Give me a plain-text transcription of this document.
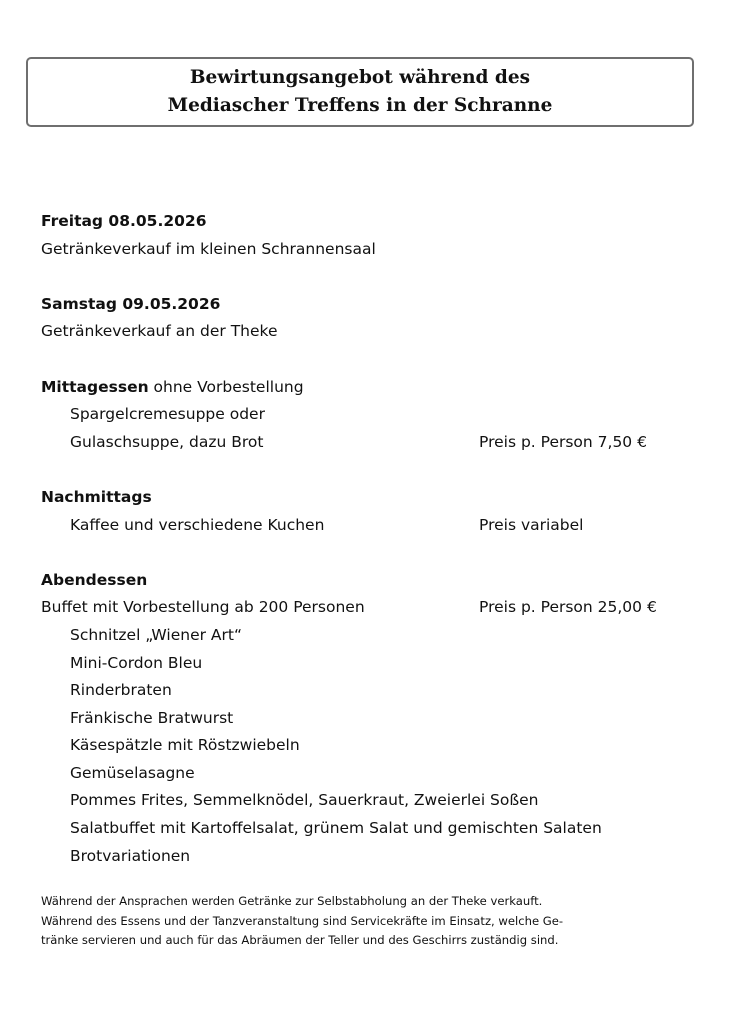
Bewirtungsangebot während des
Mediascher Treffens in der Schranne
Freitag 08.05.2026
Getränkeverkauf im kleinen Schrannensaal
Samstag 09.05.2026
Getränkeverkauf an der Theke
Mittagessen ohne Vorbestellung
Spargelcremesuppe oder
Gulaschsuppe, dazu Brot	Preis p. Person 7,50 €
Nachmittags
Kaffee und verschiedene Kuchen	Preis variabel
Abendessen
Buffet mit Vorbestellung ab 200 Personen	Preis p. Person 25,00 €
Schnitzel „Wiener Art“
Mini-Cordon Bleu
Rinderbraten
Fränkische Bratwurst
Käsespätzle mit Röstzwiebeln
Gemüselasagne
Pommes Frites, Semmelknödel, Sauerkraut, Zweierlei Soßen
Salatbuffet mit Kartoffelsalat, grünem Salat und gemischten Salaten
Brotvariationen
Während der Ansprachen werden Getränke zur Selbstabholung an der Theke verkauft.
Während des Essens und der Tanzveranstaltung sind Servicekräfte im Einsatz, welche Ge-
tränke servieren und auch für das Abräumen der Teller und des Geschirrs zuständig sind.
